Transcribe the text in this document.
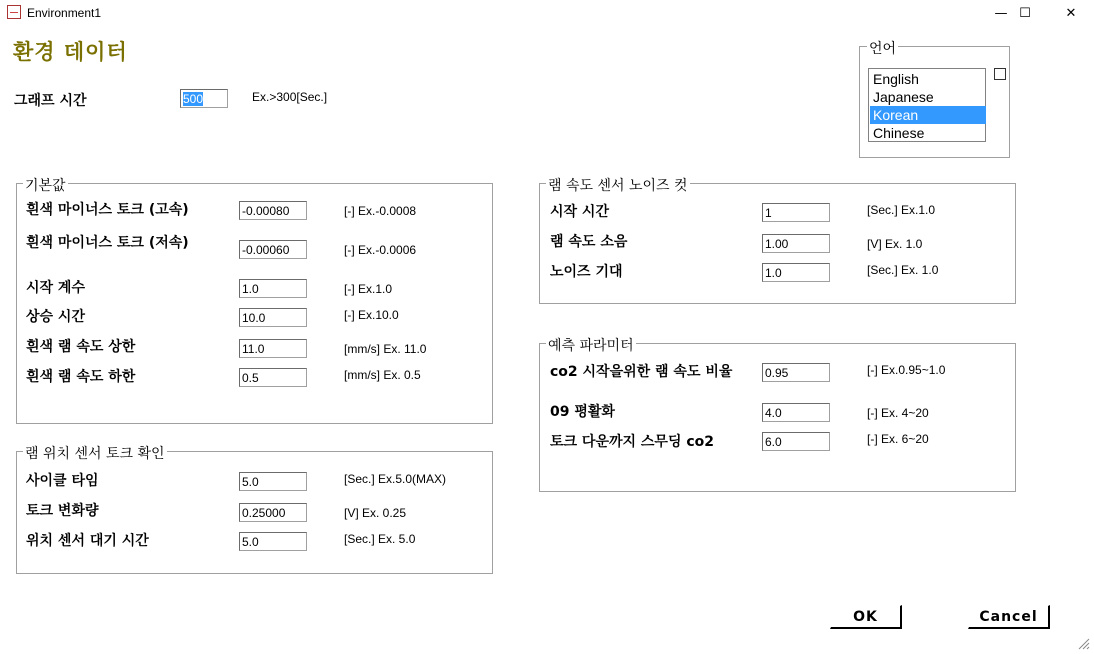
Environment1	— ☐	✕
환경 데이터
그래프 시간	500	Ex.>300[Sec.]
언어
English
Japanese
Korean
Chinese
기본값
흰색 마이너스 토크 (고속)	-0.00080	[-] Ex.-0.0008
흰색 마이너스 토크 (저속)	-0.00060	[-] Ex.-0.0006
시작 계수	1.0	[-] Ex.1.0
상승 시간	10.0	[-] Ex.10.0
흰색 램 속도 상한	11.0	[mm/s] Ex. 11.0
흰색 램 속도 하한	0.5	[mm/s] Ex. 0.5
램 위치 센서 토크 확인
사이클 타임	5.0	[Sec.] Ex.5.0(MAX)
토크 변화량	0.25000	[V] Ex. 0.25
위치 센서 대기 시간	5.0	[Sec.] Ex. 5.0
램 속도 센서 노이즈 컷
시작 시간	1	[Sec.] Ex.1.0
램 속도 소음	1.00	[V] Ex. 1.0
노이즈 기대	1.0	[Sec.] Ex. 1.0
예측 파라미터
co2 시작을위한 램 속도 비율	0.95	[-] Ex.0.95~1.0
09 평활화	4.0	[-] Ex. 4~20
토크 다운까지 스무딩 co2	6.0	[-] Ex. 6~20
OK	Cancel
